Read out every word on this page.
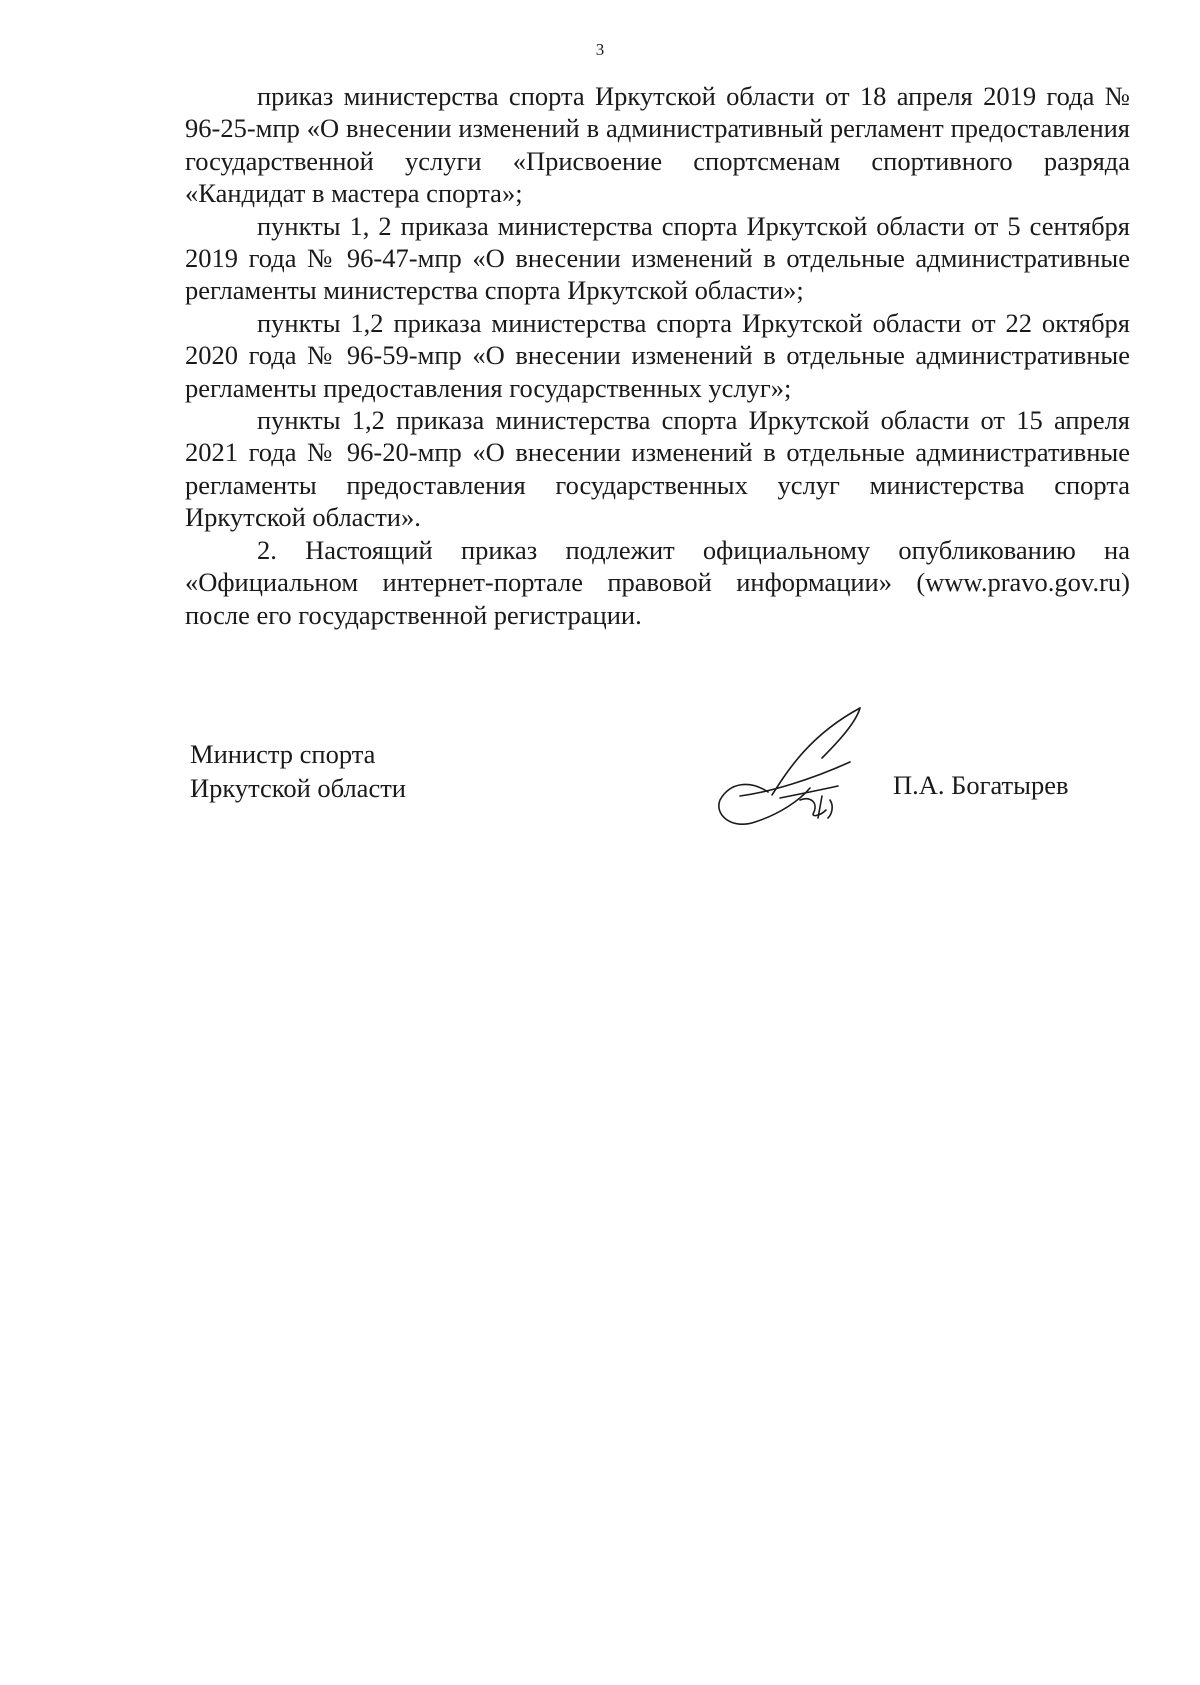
3

приказ министерства спорта Иркутской области от 18 апреля 2019 года № 96-25-мпр «О внесении изменений в административный регламент предоставления государственной услуги «Присвоение спортсменам спортивного разряда «Кандидат в мастера спорта»;

пункты 1, 2 приказа министерства спорта Иркутской области от 5 сентября 2019 года № 96-47-мпр «О внесении изменений в отдельные административные регламенты министерства спорта Иркутской области»;

пункты 1,2 приказа министерства спорта Иркутской области от 22 октября 2020 года № 96-59-мпр «О внесении изменений в отдельные административные регламенты предоставления государственных услуг»;

пункты 1,2 приказа министерства спорта Иркутской области от 15 апреля 2021 года № 96-20-мпр «О внесении изменений в отдельные административные регламенты предоставления государственных услуг министерства спорта Иркутской области».

2. Настоящий приказ подлежит официальному опубликованию на «Официальном интернет-портале правовой информации» (www.pravo.gov.ru) после его государственной регистрации.

Министр спорта
Иркутской области	П.А. Богатырев
